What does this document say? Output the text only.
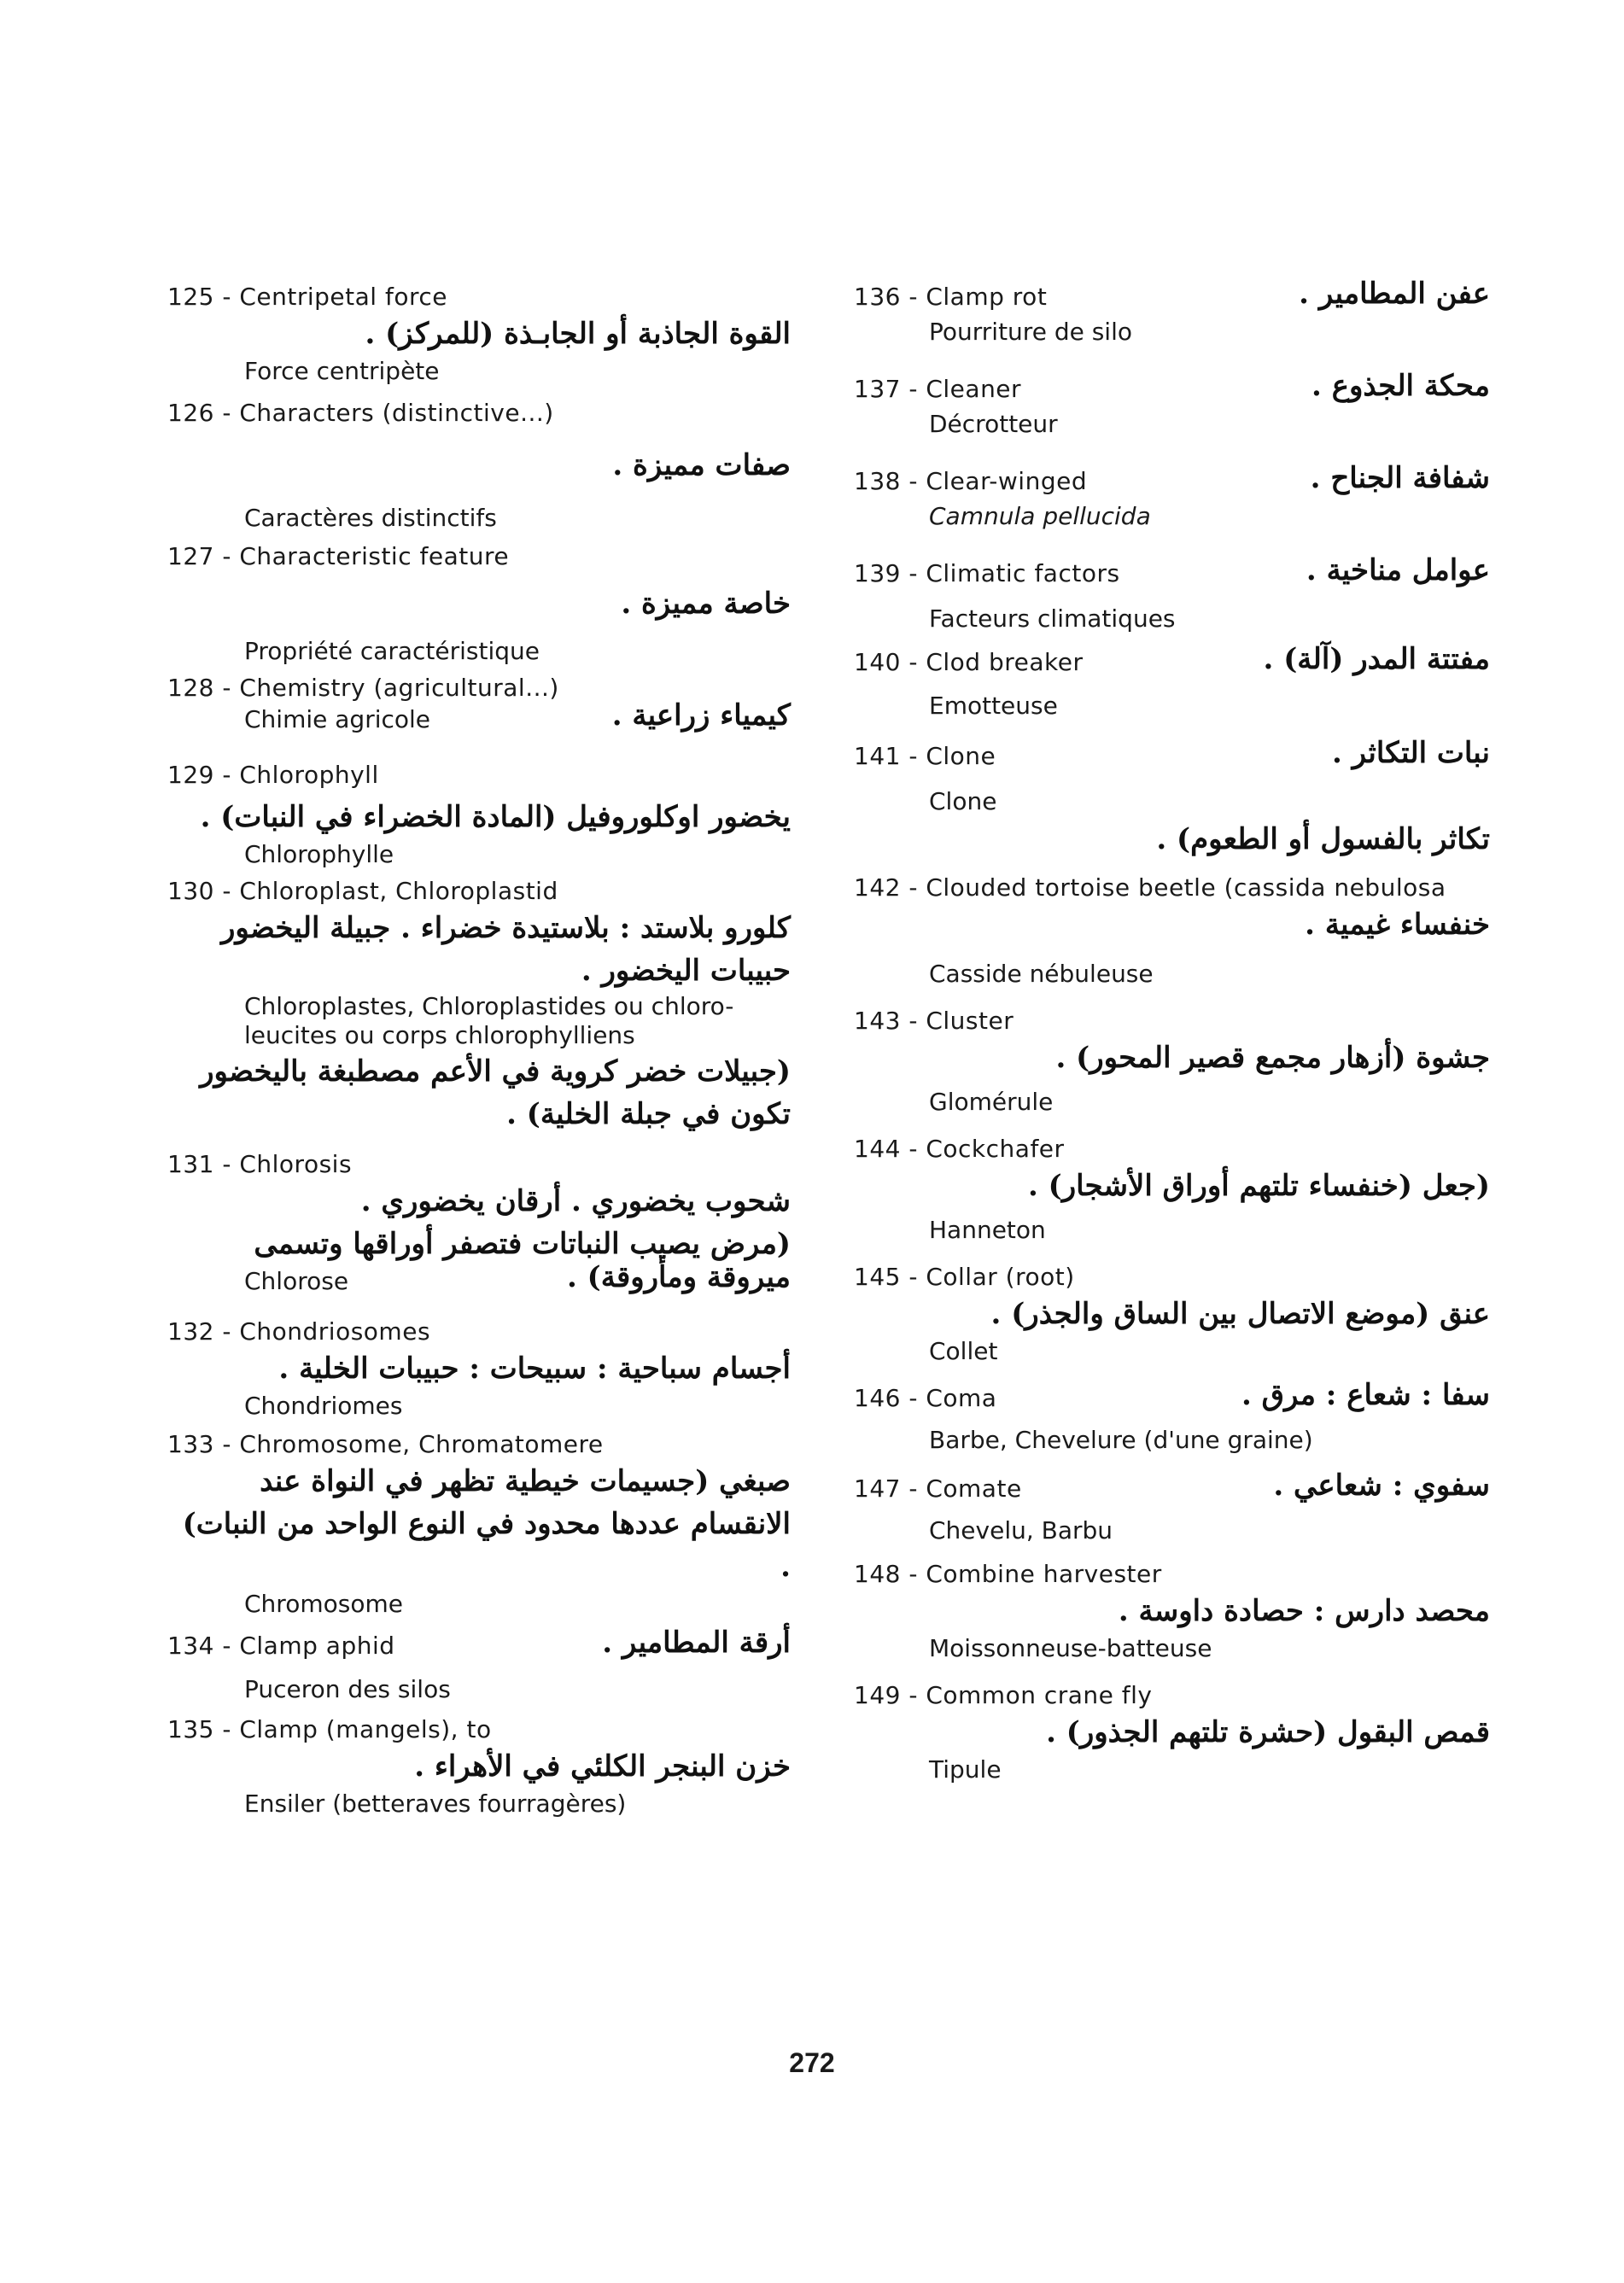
125 - Centripetal force
القوة الجاذبة أو الجابـذة (للمركز) .
Force centripète
126 - Characters (distinctive...)
صفات مميزة .
Caractères distinctifs
127 - Characteristic feature
خاصة مميزة .
Propriété caractéristique
128 - Chemistry (agricultural...)
Chimie agricole	كيمياء زراعية .
129 - Chlorophyll
يخضور اوكلوروفيل (المادة الخضراء في النبات) .
Chlorophylle
130 - Chloroplast, Chloroplastid
كلورو بلاستد : بلاستيدة خضراء . جبيلة اليخضور حبيبات اليخضور .
Chloroplastes, Chloroplastides ou chloro-leucites ou corps chlorophylliens
(جبيلات خضر كروية في الأعم مصطبغة باليخضور تكون في جبلة الخلية) .
131 - Chlorosis
شحوب يخضوري . أرقان يخضوري .
(مرض يصيب النباتات فتصفر أوراقها وتسمى
Chlorose	ميروقة ومأروقة) .
132 - Chondriosomes
أجسام سباحية : سبيحات : حبيبات الخلية .
Chondriomes
133 - Chromosome, Chromatomere
صبغي (جسيمات خيطية تظهر في النواة عند الانقسام عددها محدود في النوع الواحد من النبات) .
Chromosome
134 - Clamp aphid	أرقة المطامير .
Puceron des silos
135 - Clamp (mangels), to
خزن البنجر الكلئي في الأهراء .
Ensiler (betteraves fourragères)
136 - Clamp rot	عفن المطامير .
Pourriture de silo
137 - Cleaner	محكة الجذوع .
Décrotteur
138 - Clear-winged	شفافة الجناح .
Camnula pellucida
139 - Climatic factors	عوامل مناخية .
Facteurs climatiques
140 - Clod breaker	مفتتة المدر (آلة) .
Emotteuse
141 - Clone	نبات التكاثر .
Clone
تكاثر بالفسول أو الطعوم) .
142 - Clouded tortoise beetle (cassida nebulosa
خنفساء غيمية .
Casside nébuleuse
143 - Cluster
جشوة (أزهار مجمع قصير المحور) .
Glomérule
144 - Cockchafer
(جعل (خنفساء تلتهم أوراق الأشجار) .
Hanneton
145 - Collar (root)
عنق (موضع الاتصال بين الساق والجذر) .
Collet
146 - Coma	سفا : شعاع : مرق .
Barbe, Chevelure (d'une graine)
147 - Comate	سفوي : شعاعي .
Chevelu, Barbu
148 - Combine harvester
محصد دارس : حصادة داوسة .
Moissonneuse-batteuse
149 - Common crane fly
قمص البقول (حشرة تلتهم الجذور) .
Tipule
272
